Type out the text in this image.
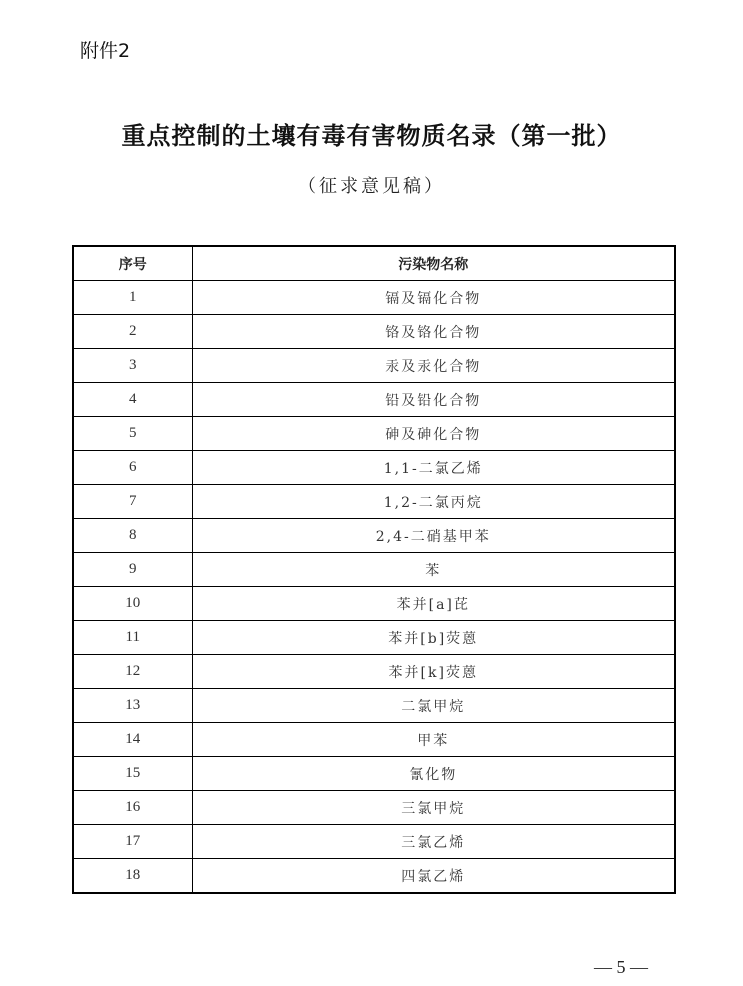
附件2
重点控制的土壤有毒有害物质名录（第一批）
（征求意见稿）
序号	污染物名称
1	镉及镉化合物
2	铬及铬化合物
3	汞及汞化合物
4	铅及铅化合物
5	砷及砷化合物
6	1,1-二氯乙烯
7	1,2-二氯丙烷
8	2,4-二硝基甲苯
9	苯
10	苯并[a]芘
11	苯并[b]荧蒽
12	苯并[k]荧蒽
13	二氯甲烷
14	甲苯
15	氰化物
16	三氯甲烷
17	三氯乙烯
18	四氯乙烯
— 5 —
